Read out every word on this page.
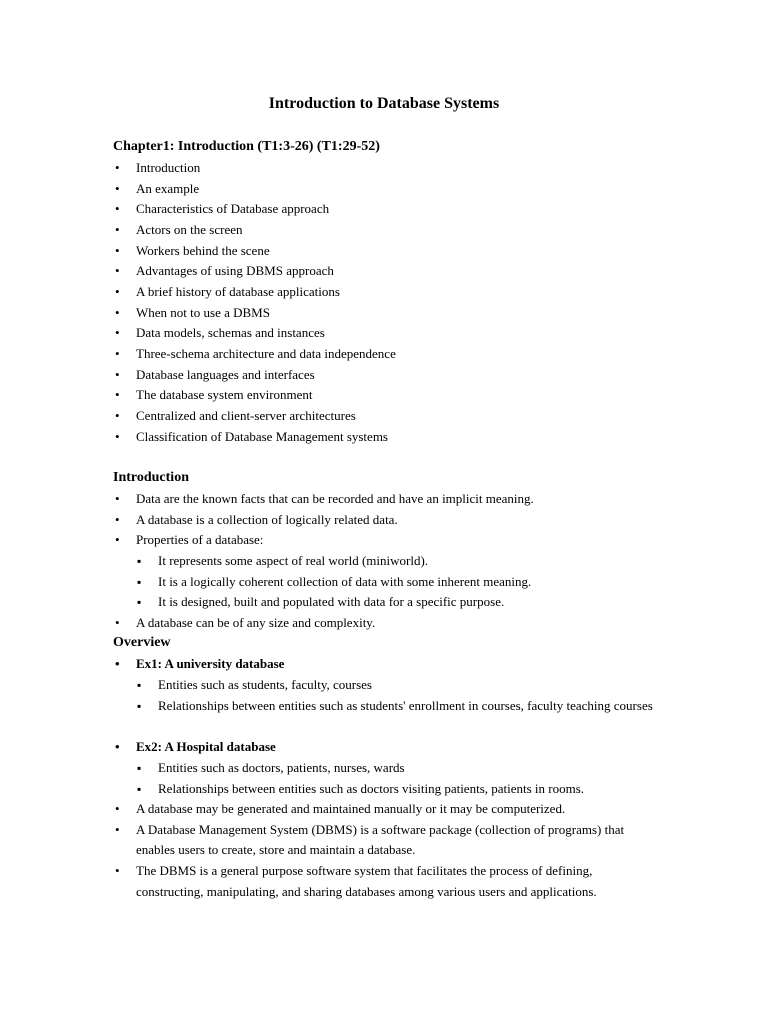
Introduction to Database Systems
Chapter1: Introduction (T1:3-26) (T1:29-52)
• Introduction
• An example
• Characteristics of Database approach
• Actors on the screen
• Workers behind the scene
• Advantages of using DBMS approach
• A brief history of database applications
• When not to use a DBMS
• Data models, schemas and instances
• Three-schema architecture and data independence
• Database languages and interfaces
• The database system environment
• Centralized and client-server architectures
• Classification of Database Management systems
Introduction
• Data are the known facts that can be recorded and have an implicit meaning.
• A database is a collection of logically related data.
• Properties of a database:
▪ It represents some aspect of real world (miniworld).
▪ It is a logically coherent collection of data with some inherent meaning.
▪ It is designed, built and populated with data for a specific purpose.
• A database can be of any size and complexity.
Overview
• Ex1: A university database
▪ Entities such as students, faculty, courses
▪ Relationships between entities such as students' enrollment in courses, faculty teaching courses
• Ex2: A Hospital database
▪ Entities such as doctors, patients, nurses, wards
▪ Relationships between entities such as doctors visiting patients, patients in rooms.
• A database may be generated and maintained manually or it may be computerized.
• A Database Management System (DBMS) is a software package (collection of programs) that enables users to create, store and maintain a database.
• The DBMS is a general purpose software system that facilitates the process of defining, constructing, manipulating, and sharing databases among various users and applications.
